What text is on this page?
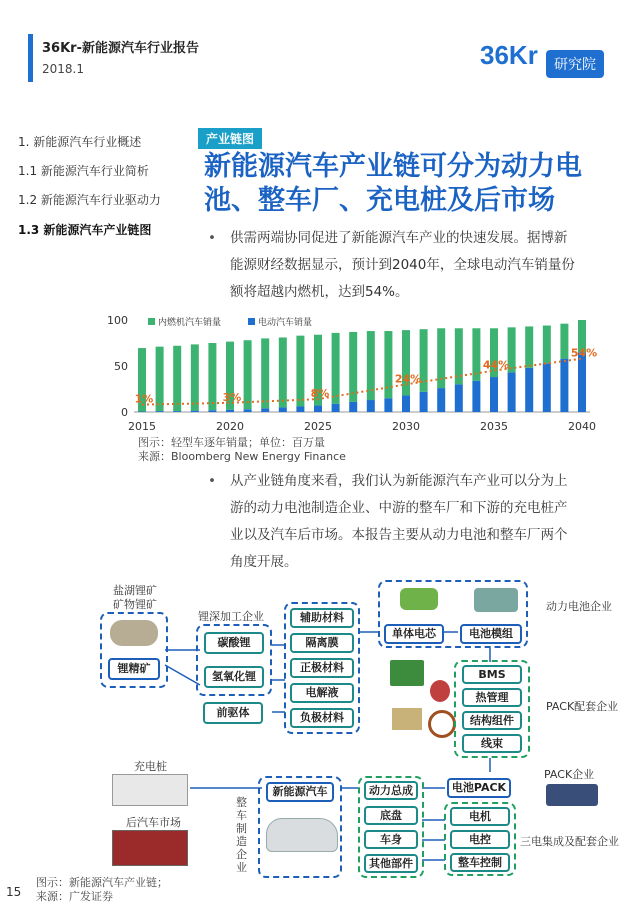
36Kr-新能源汽车行业报告
2018.1	36Kr	研究院
1. 新能源汽车行业概述
1.1 新能源汽车行业简析
1.2 新能源汽车行业驱动力
1.3 新能源汽车产业链图
产业链图
新能源汽车产业链可分为动力电池、整车厂、充电桩及后市场
• 供需两端协同促进了新能源汽车产业的快速发展。据博新能源财经数据显示，预计到2040年，全球电动汽车销量份额将超越内燃机，达到54%。
0
50
100
2015	2020	2025	2030	2035	2040
1%	3%	8%
24%
44%
54%
内燃机汽车销量	电动汽车销量
图示：轻型车逐年销量；单位：百万量
来源：Bloomberg New Energy Finance
• 从产业链角度来看，我们认为新能源汽车产业可以分为上游的动力电池制造企业、中游的整车厂和下游的充电桩产业以及汽车后市场。本报告主要从动力电池和整车厂两个角度开展。
盐湖锂矿
矿物锂矿
锂精矿
锂深加工企业
碳酸锂
氢氧化锂
前驱体
辅助材料
隔离膜
正极材料
电解液
负极材料
单体电芯	电池模组
动力电池企业
BMS
热管理
结构组件
线束
PACK配套企业
PACK企业
电池PACK
电机
电控
整车控制
三电集成及配套企业
动力总成
底盘
车身
其他部件
新能源汽车
整车制造企业
充电桩
后汽车市场
图示：新能源汽车产业链；
来源：广发证券
15
